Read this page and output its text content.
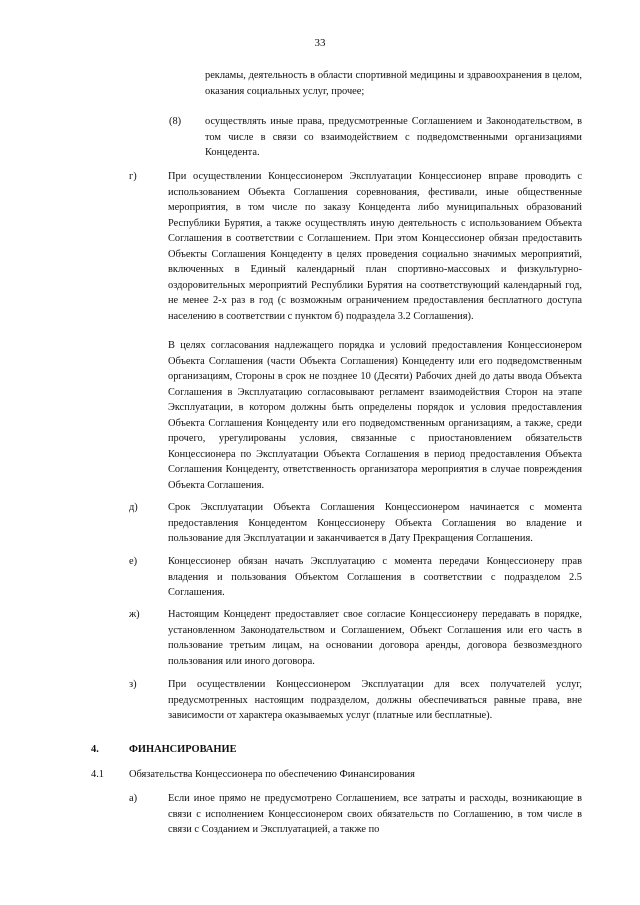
33
рекламы, деятельность в области спортивной медицины и здравоохранения в целом, оказания социальных услуг, прочее;
(8) осуществлять иные права, предусмотренные Соглашением и Законодательством, в том числе в связи со взаимодействием с подведомственными организациями Концедента.
г)	При осуществлении Концессионером Эксплуатации Концессионер вправе проводить с использованием Объекта Соглашения соревнования, фестивали, иные общественные мероприятия, в том числе по заказу Концедента либо муниципальных образований Республики Бурятия, а также осуществлять иную деятельность с использованием Объекта Соглашения в соответствии с Соглашением. При этом Концессионер обязан предоставить Объекты Соглашения Концеденту в целях проведения социально значимых мероприятий, включенных в Единый календарный план спортивно-массовых и физкультурно-оздоровительных мероприятий Республики Бурятия на соответствующий календарный год, не менее 2-х раз в год (с возможным ограничением предоставления бесплатного доступа населению в соответствии с пунктом б) подраздела 3.2 Соглашения).
В целях согласования надлежащего порядка и условий предоставления Концессионером Объекта Соглашения (части Объекта Соглашения) Концеденту или его подведомственным организациям, Стороны в срок не позднее 10 (Десяти) Рабочих дней до даты ввода Объекта Соглашения в Эксплуатацию согласовывают регламент взаимодействия Сторон на этапе Эксплуатации, в котором должны быть определены порядок и условия предоставления Объекта Соглашения Концеденту или его подведомственным организациям, а также, среди прочего, урегулированы условия, связанные с приостановлением обязательств Концессионера по Эксплуатации Объекта Соглашения в период предоставления Объекта Соглашения Концеденту, ответственность организатора мероприятия в случае повреждения Объекта Соглашения.
д)	Срок Эксплуатации Объекта Соглашения Концессионером начинается с момента предоставления Концедентом Концессионеру Объекта Соглашения во владение и пользование для Эксплуатации и заканчивается в Дату Прекращения Соглашения.
е)	Концессионер обязан начать Эксплуатацию с момента передачи Концессионеру прав владения и пользования Объектом Соглашения в соответствии с подразделом 2.5 Соглашения.
ж)	Настоящим Концедент предоставляет свое согласие Концессионеру передавать в порядке, установленном Законодательством и Соглашением, Объект Соглашения или его часть в пользование третьим лицам, на основании договора аренды, договора безвозмездного пользования или иного договора.
з)	При осуществлении Концессионером Эксплуатации для всех получателей услуг, предусмотренных настоящим подразделом, должны обеспечиваться равные права, вне зависимости от характера оказываемых услуг (платные или бесплатные).
4.	ФИНАНСИРОВАНИЕ
4.1 Обязательства Концессионера по обеспечению Финансирования
а)	Если иное прямо не предусмотрено Соглашением, все затраты и расходы, возникающие в связи с исполнением Концессионером своих обязательств по Соглашению, в том числе в связи с Созданием и Эксплуатацией, а также по
